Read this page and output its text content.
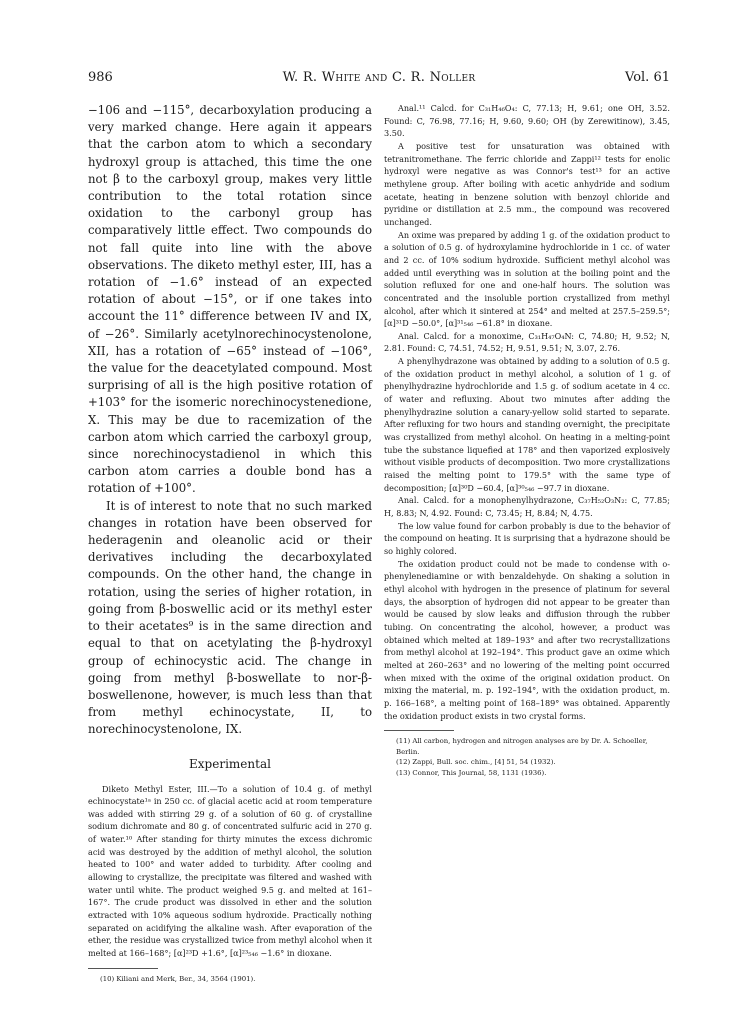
986	W. R. White and C. R. Noller	Vol. 61

−106 and −115°, decarboxylation producing a very marked change. Here again it appears that the carbon atom to which a secondary hydroxyl group is attached, this time the one not β to the carboxyl group, makes very little contribution to the total rotation since oxidation to the carbonyl group has comparatively little effect. Two compounds do not fall quite into line with the above observations. The diketo methyl ester, III, has a rotation of −1.6° instead of an expected rotation of about −15°, or if one takes into account the 11° difference between IV and IX, of −26°. Similarly acetylnorechinocystenolone, XII, has a rotation of −65° instead of −106°, the value for the deacetylated compound. Most surprising of all is the high positive rotation of +103° for the isomeric norechinocystenedione, X. This may be due to racemization of the carbon atom which carried the carboxyl group, since norechinocystadienol in which this carbon atom carries a double bond has a rotation of +100°.

It is of interest to note that no such marked changes in rotation have been observed for hederagenin and oleanolic acid or their derivatives including the decarboxylated compounds. On the other hand, the change in rotation, using the series of higher rotation, in going from β-boswellic acid or its methyl ester to their acetates⁹ is in the same direction and equal to that on acetylating the β-hydroxyl group of echinocystic acid. The change in going from methyl β-boswellate to nor-β-boswellenone, however, is much less than that from methyl echinocystate, II, to norechinocystenolone, IX.

Experimental

Diketo Methyl Ester, III.—To a solution of 10.4 g. of methyl echinocystate¹ᵃ in 250 cc. of glacial acetic acid at room temperature was added with stirring 29 g. of a solution of 60 g. of crystalline sodium dichromate and 80 g. of concentrated sulfuric acid in 270 g. of water.¹⁰ After standing for thirty minutes the excess dichromic acid was destroyed by the addition of methyl alcohol, the solution heated to 100° and water added to turbidity. After cooling and allowing to crystallize, the precipitate was filtered and washed with water until white. The product weighed 9.5 g. and melted at 161–167°. The crude product was dissolved in ether and the solution extracted with 10% aqueous sodium hydroxide. Practically nothing separated on acidifying the alkaline wash. After evaporation of the ether, the residue was crystallized twice from methyl alcohol when it melted at 166–168°; [α]²³D +1.6°, [α]²³₅₄₆ −1.6° in dioxane.

(10) Kiliani and Merk, Ber., 34, 3564 (1901).

Anal.¹¹ Calcd. for C₃₁H₄₆O₄: C, 77.13; H, 9.61; one OH, 3.52. Found: C, 76.98, 77.16; H, 9.60, 9.60; OH (by Zerewitinow), 3.45, 3.50.

A positive test for unsaturation was obtained with tetranitromethane. The ferric chloride and Zappi¹² tests for enolic hydroxyl were negative as was Connor's test¹³ for an active methylene group. After boiling with acetic anhydride and sodium acetate, heating in benzene solution with benzoyl chloride and pyridine or distillation at 2.5 mm., the compound was recovered unchanged.

An oxime was prepared by adding 1 g. of the oxidation product to a solution of 0.5 g. of hydroxylamine hydrochloride in 1 cc. of water and 2 cc. of 10% sodium hydroxide. Sufficient methyl alcohol was added until everything was in solution at the boiling point and the solution refluxed for one and one-half hours. The solution was concentrated and the insoluble portion crystallized from methyl alcohol, after which it sintered at 254° and melted at 257.5–259.5°; [α]³¹D −50.0°, [α]³¹₅₄₆ −61.8° in dioxane.

Anal. Calcd. for a monoxime, C₃₁H₄₇O₄N: C, 74.80; H, 9.52; N, 2.81. Found: C, 74.51, 74.52; H, 9.51, 9.51; N, 3.07, 2.76.

A phenylhydrazone was obtained by adding to a solution of 0.5 g. of the oxidation product in methyl alcohol, a solution of 1 g. of phenylhydrazine hydrochloride and 1.5 g. of sodium acetate in 4 cc. of water and refluxing. About two minutes after adding the phenylhydrazine solution a canary-yellow solid started to separate. After refluxing for two hours and standing overnight, the precipitate was crystallized from methyl alcohol. On heating in a melting-point tube the substance liquefied at 178° and then vaporized explosively without visible products of decomposition. Two more crystallizations raised the melting point to 179.5° with the same type of decomposition; [α]³⁰D −60.4, [α]³⁰₅₄₆ −97.7 in dioxane.

Anal. Calcd. for a monophenylhydrazone, C₃₇H₅₂O₃N₂: C, 77.85; H, 8.83; N, 4.92. Found: C, 73.45; H, 8.84; N, 4.75.

The low value found for carbon probably is due to the behavior of the compound on heating. It is surprising that a hydrazone should be so highly colored.

The oxidation product could not be made to condense with o-phenylenediamine or with benzaldehyde. On shaking a solution in ethyl alcohol with hydrogen in the presence of platinum for several days, the absorption of hydrogen did not appear to be greater than would be caused by slow leaks and diffusion through the rubber tubing. On concentrating the alcohol, however, a product was obtained which melted at 189–193° and after two recrystallizations from methyl alcohol at 192–194°. This product gave an oxime which melted at 260–263° and no lowering of the melting point occurred when mixed with the oxime of the original oxidation product. On mixing the material, m. p. 192–194°, with the oxidation product, m. p. 166–168°, a melting point of 168–189° was obtained. Apparently the oxidation product exists in two crystal forms.

(11) All carbon, hydrogen and nitrogen analyses are by Dr. A. Schoeller, Berlin.

(12) Zappi, Bull. soc. chim., [4] 51, 54 (1932).

(13) Connor, This Journal, 58, 1131 (1936).
